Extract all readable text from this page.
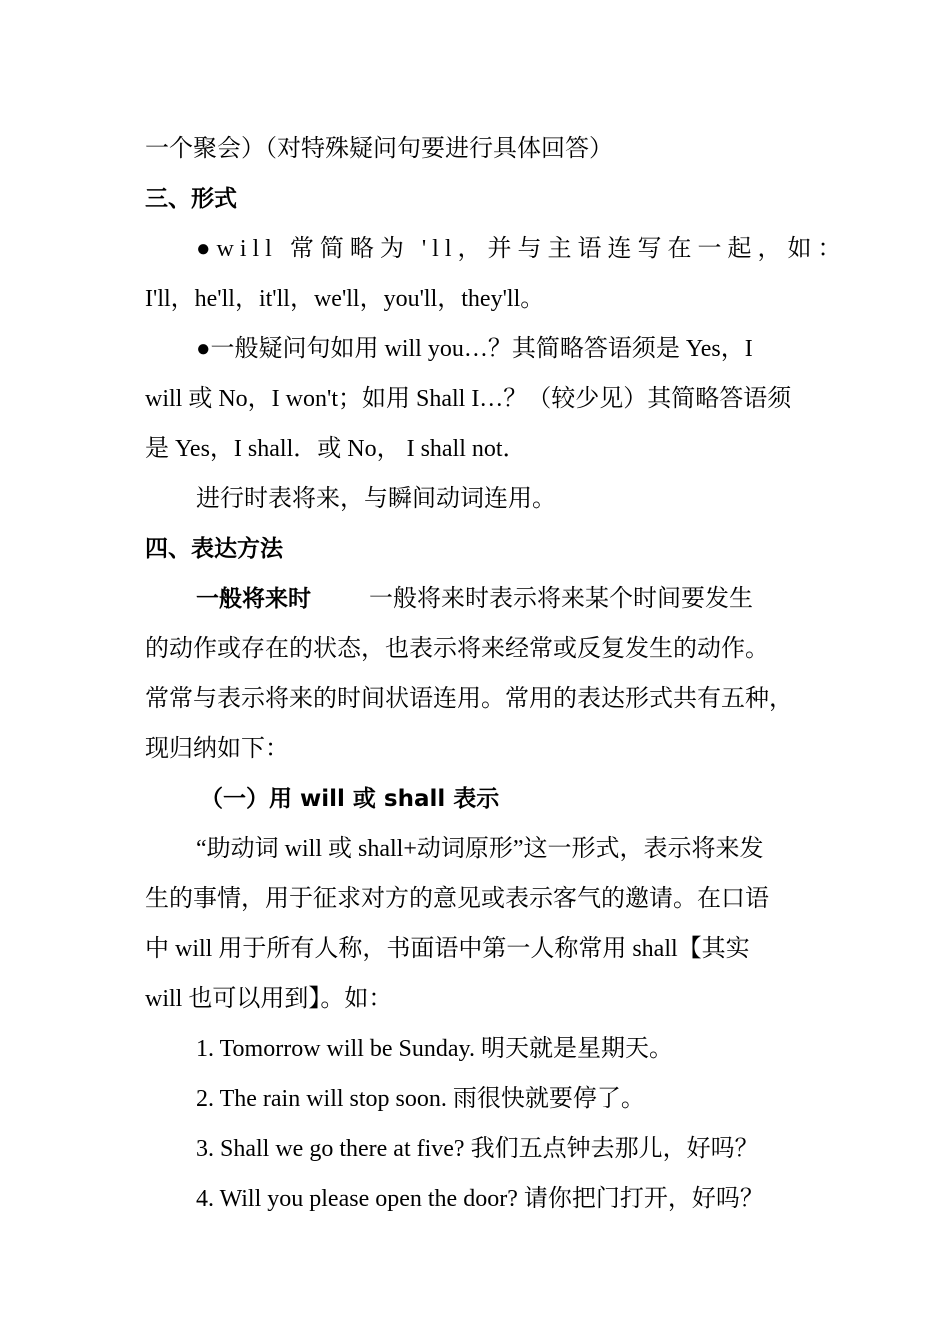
一个聚会）（对特殊疑问句要进行具体回答）
三、形式
●will 常简略为 'll，并与主语连写在一起，如：
I'll，he'll，it'll，we'll，you'll，they'll。
●一般疑问句如用 will you…？其简略答语须是 Yes，I
will 或 No，I won't；如用 Shall I…？（较少见）其简略答语须
是 Yes，I shall．或 No， I shall not．
进行时表将来，与瞬间动词连用。
四、表达方法
一般将来时 一般将来时表示将来某个时间要发生
的动作或存在的状态，也表示将来经常或反复发生的动作。
常常与表示将来的时间状语连用。常用的表达形式共有五种，
现归纳如下：
（一）用 will 或 shall 表示
“助动词 will 或 shall+动词原形”这一形式，表示将来发
生的事情，用于征求对方的意见或表示客气的邀请。在口语
中 will 用于所有人称，书面语中第一人称常用 shall【其实
will 也可以用到】。如：
1. Tomorrow will be Sunday. 明天就是星期天。
2. The rain will stop soon. 雨很快就要停了。
3. Shall we go there at five? 我们五点钟去那儿，好吗？
4. Will you please open the door? 请你把门打开，好吗？
